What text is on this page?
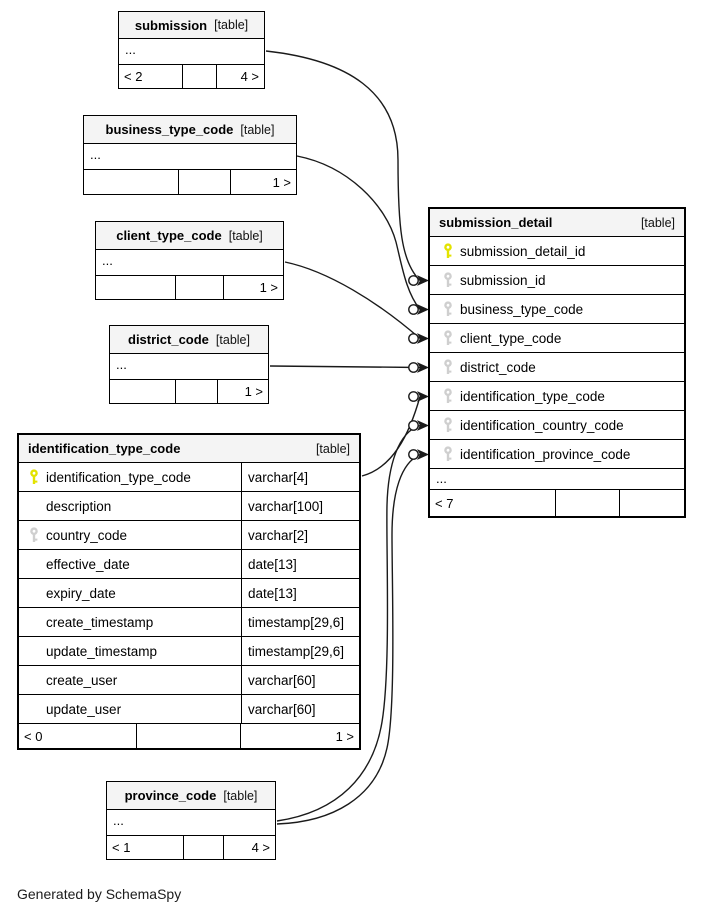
submission [table]
...
< 2	4 >
business_type_code [table]
...
1 >
client_type_code [table]
...
1 >
district_code [table]
...
1 >
identification_type_code	[table]
identification_type_code	varchar[4]
description	varchar[100]
country_code	varchar[2]
effective_date	date[13]
expiry_date	date[13]
create_timestamp	timestamp[29,6]
update_timestamp	timestamp[29,6]
create_user	varchar[60]
update_user	varchar[60]
< 0	1 >
submission_detail	[table]
submission_detail_id
submission_id
business_type_code
client_type_code
district_code
identification_type_code
identification_country_code
identification_province_code
...
< 7
province_code [table]
...
< 1	4 >
Generated by SchemaSpy
